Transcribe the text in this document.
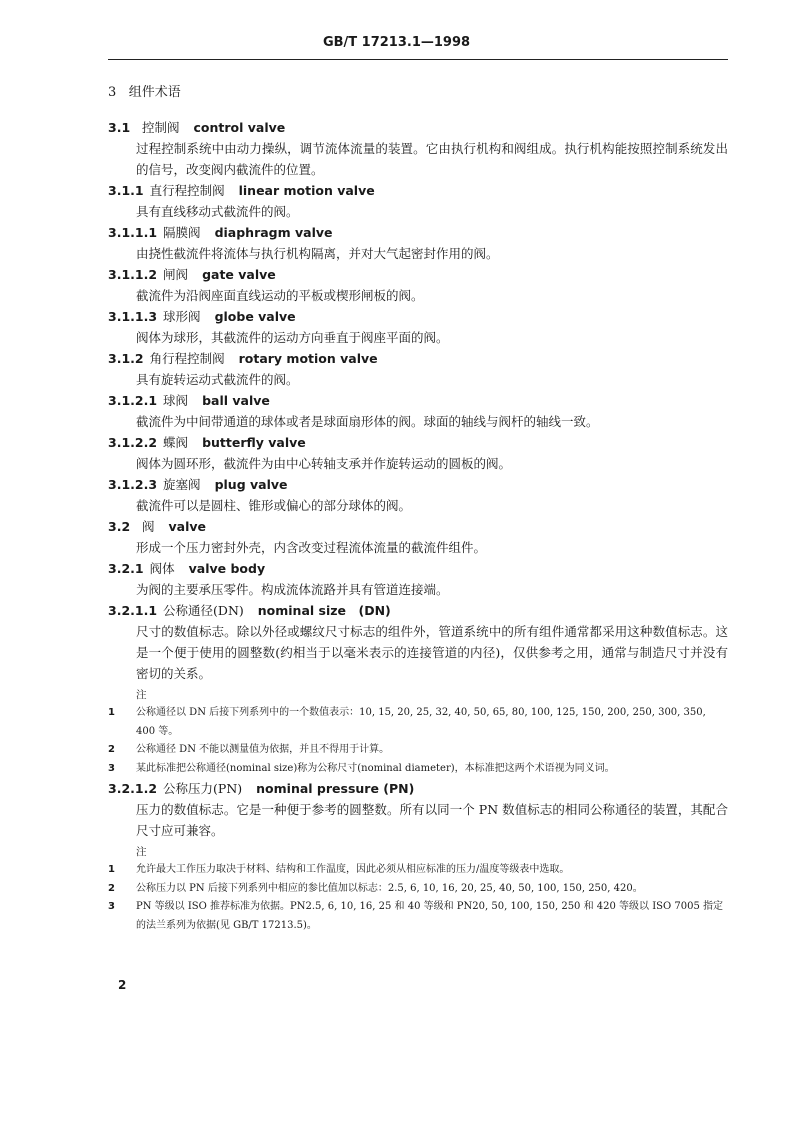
GB/T 17213.1—1998
3 组件术语
3.1 控制阀 control valve
过程控制系统中由动力操纵，调节流体流量的装置。它由执行机构和阀组成。执行机构能按照控制系统发出的信号，改变阀内截流件的位置。
3.1.1 直行程控制阀 linear motion valve
具有直线移动式截流件的阀。
3.1.1.1 隔膜阀 diaphragm valve
由挠性截流件将流体与执行机构隔离，并对大气起密封作用的阀。
3.1.1.2 闸阀 gate valve
截流件为沿阀座面直线运动的平板或楔形闸板的阀。
3.1.1.3 球形阀 globe valve
阀体为球形，其截流件的运动方向垂直于阀座平面的阀。
3.1.2 角行程控制阀 rotary motion valve
具有旋转运动式截流件的阀。
3.1.2.1 球阀 ball valve
截流件为中间带通道的球体或者是球面扇形体的阀。球面的轴线与阀杆的轴线一致。
3.1.2.2 蝶阀 butterfly valve
阀体为圆环形，截流件为由中心转轴支承并作旋转运动的圆板的阀。
3.1.2.3 旋塞阀 plug valve
截流件可以是圆柱、锥形或偏心的部分球体的阀。
3.2 阀 valve
形成一个压力密封外壳，内含改变过程流体流量的截流件组件。
3.2.1 阀体 valve body
为阀的主要承压零件。构成流体流路并具有管道连接端。
3.2.1.1 公称通径(DN) nominal size　(DN)
尺寸的数值标志。除以外径或螺纹尺寸标志的组件外，管道系统中的所有组件通常都采用这种数值标志。这是一个便于使用的圆整数(约相当于以毫米表示的连接管道的内径)，仅供参考之用，通常与制造尺寸并没有密切的关系。
注
1	公称通径以 DN 后接下列系列中的一个数值表示：10, 15, 20, 25, 32, 40, 50, 65, 80, 100, 125, 150, 200, 250, 300, 350, 400 等。
2	公称通径 DN 不能以测量值为依据，并且不得用于计算。
3	某此标准把公称通径(nominal size)称为公称尺寸(nominal diameter)，本标准把这两个术语视为同义词。
3.2.1.2 公称压力(PN) nominal pressure (PN)
压力的数值标志。它是一种便于参考的圆整数。所有以同一个 PN 数值标志的相同公称通径的装置，其配合尺寸应可兼容。
注
1	允许最大工作压力取决于材料、结构和工作温度，因此必须从相应标准的压力/温度等级表中选取。
2	公称压力以 PN 后接下列系列中相应的参比值加以标志：2.5, 6, 10, 16, 20, 25, 40, 50, 100, 150, 250, 420。
3	PN 等级以 ISO 推荐标准为依据。PN2.5, 6, 10, 16, 25 和 40 等级和 PN20, 50, 100, 150, 250 和 420 等级以 ISO 7005 指定的法兰系列为依据(见 GB/T 17213.5)。
2
